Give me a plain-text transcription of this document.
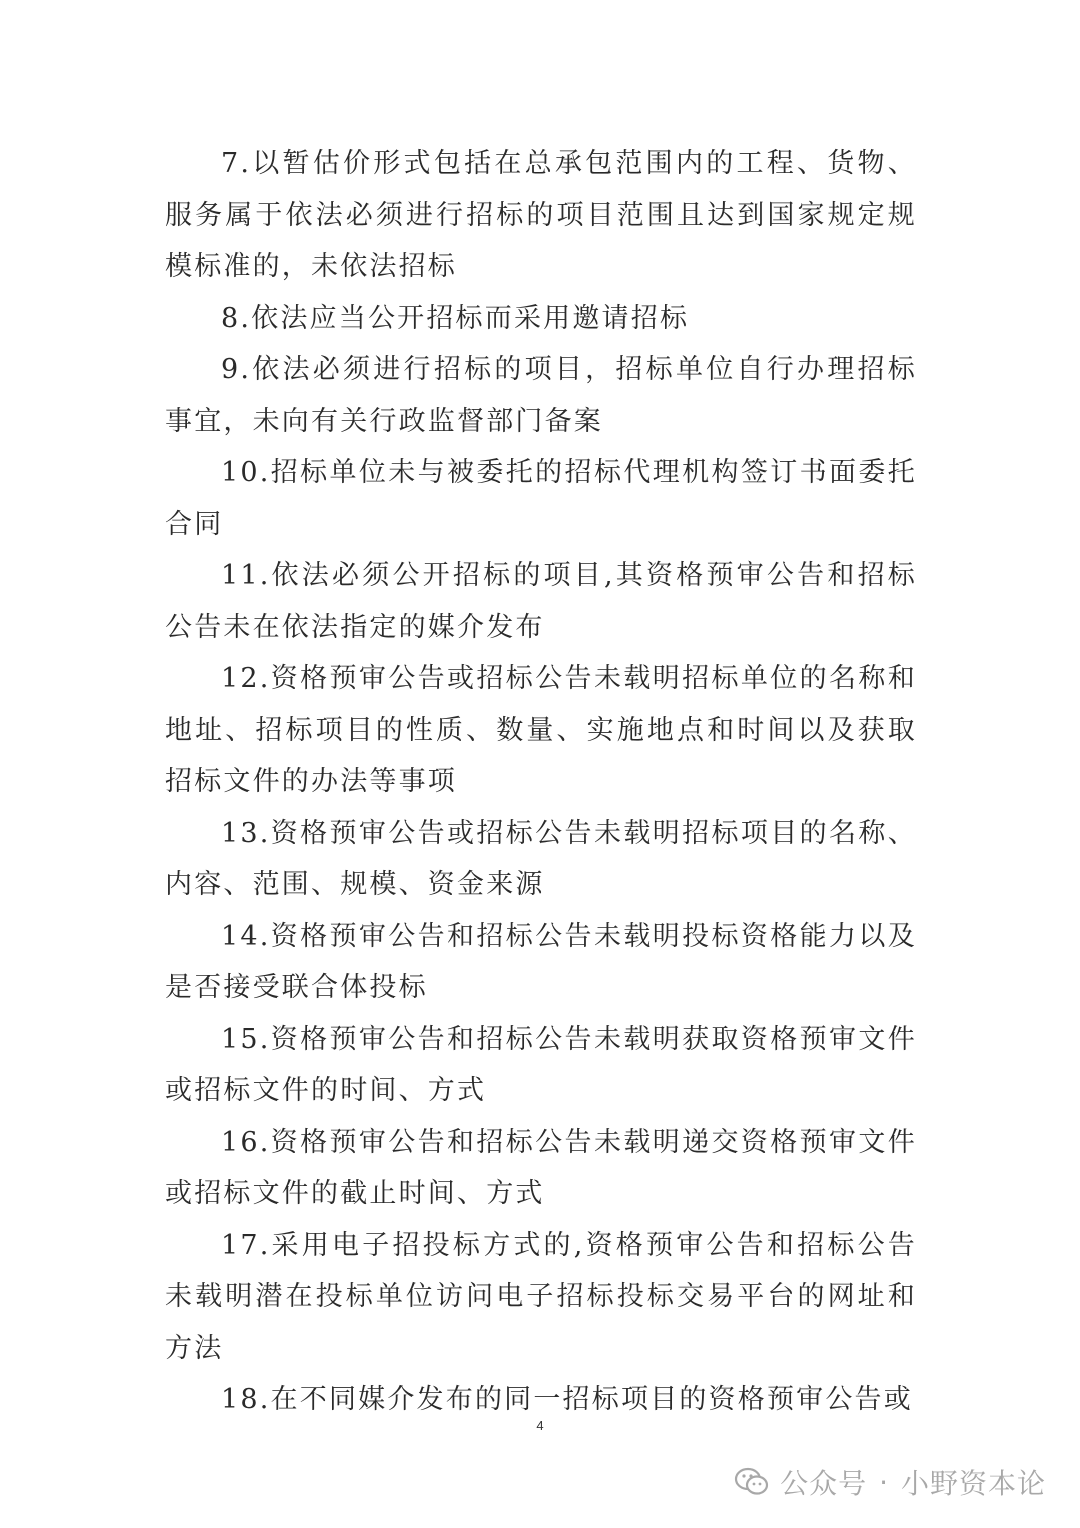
7.以暂估价形式包括在总承包范围内的工程、货物、服务属于依法必须进行招标的项目范围且达到国家规定规模标准的，未依法招标

8.依法应当公开招标而采用邀请招标

9.依法必须进行招标的项目，招标单位自行办理招标事宜，未向有关行政监督部门备案

10.招标单位未与被委托的招标代理机构签订书面委托合同

11.依法必须公开招标的项目,其资格预审公告和招标公告未在依法指定的媒介发布

12.资格预审公告或招标公告未载明招标单位的名称和地址、招标项目的性质、数量、实施地点和时间以及获取招标文件的办法等事项

13.资格预审公告或招标公告未载明招标项目的名称、内容、范围、规模、资金来源

14.资格预审公告和招标公告未载明投标资格能力以及是否接受联合体投标

15.资格预审公告和招标公告未载明获取资格预审文件或招标文件的时间、方式

16.资格预审公告和招标公告未载明递交资格预审文件或招标文件的截止时间、方式

17.采用电子招投标方式的,资格预审公告和招标公告未载明潜在投标单位访问电子招标投标交易平台的网址和方法

18.在不同媒介发布的同一招标项目的资格预审公告或

4
公众号 · 小野资本论
